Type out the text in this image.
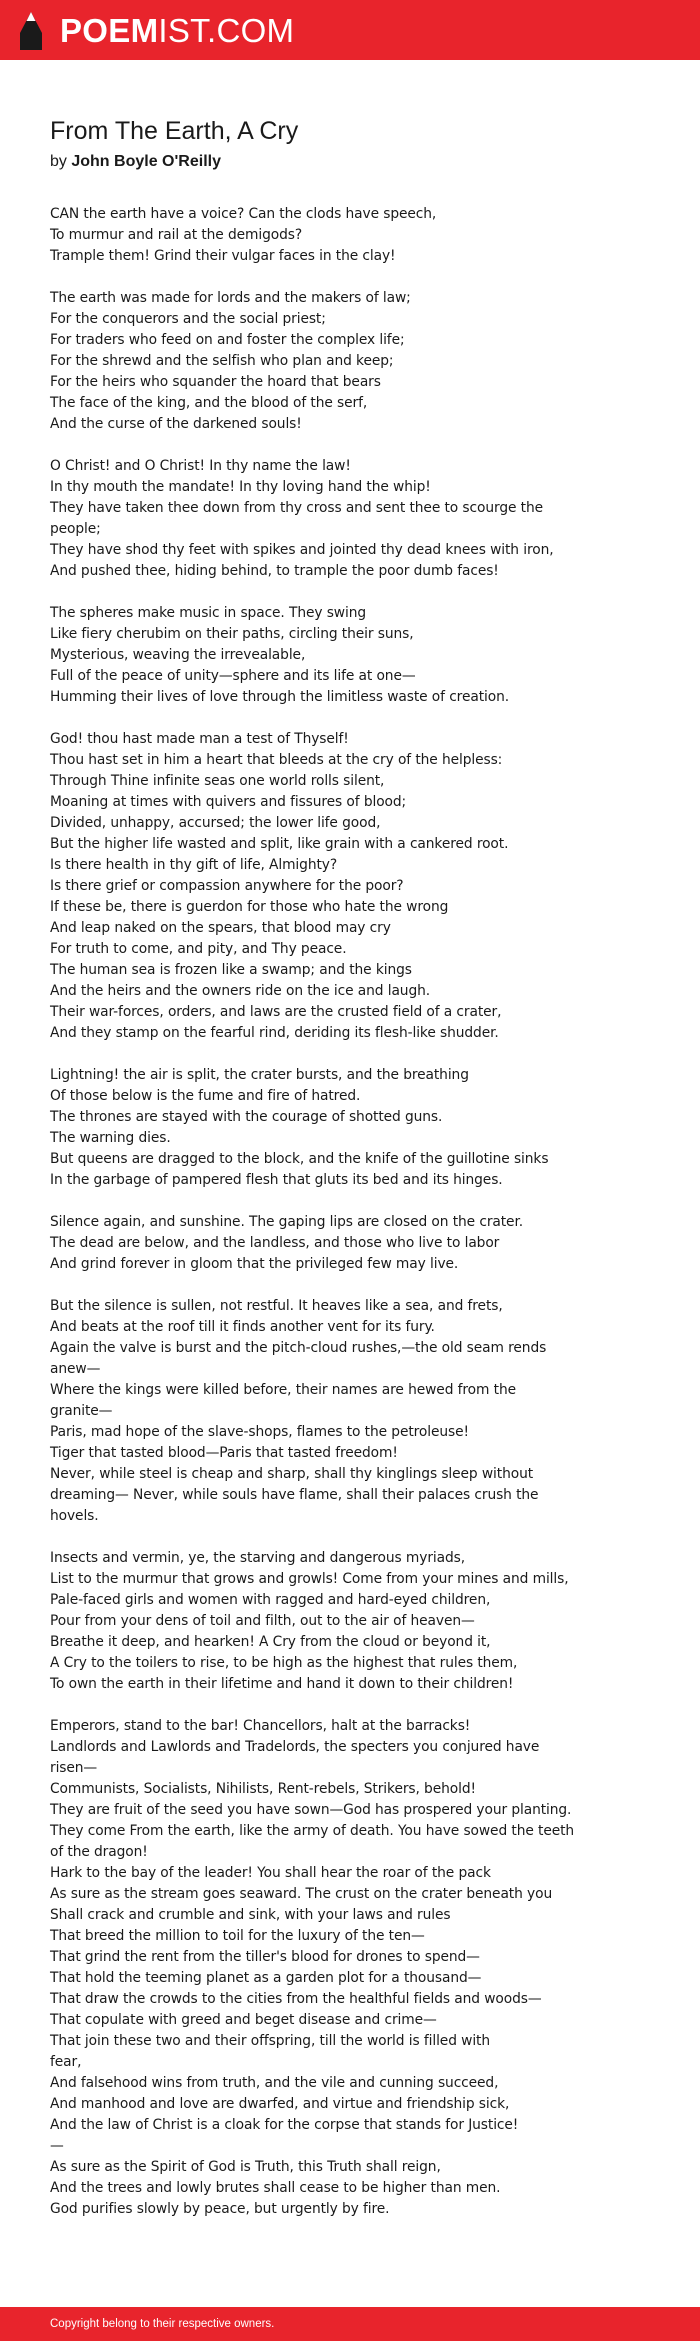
POEMIST.COM
From The Earth, A Cry
by John Boyle O'Reilly
CAN the earth have a voice? Can the clods have speech,
To murmur and rail at the demigods?
Trample them! Grind their vulgar faces in the clay!
The earth was made for lords and the makers of law;
For the conquerors and the social priest;
For traders who feed on and foster the complex life;
For the shrewd and the selfish who plan and keep;
For the heirs who squander the hoard that bears
The face of the king, and the blood of the serf,
And the curse of the darkened souls!
O Christ! and O Christ! In thy name the law!
In thy mouth the mandate! In thy loving hand the whip!
They have taken thee down from thy cross and sent thee to scourge the
people;
They have shod thy feet with spikes and jointed thy dead knees with iron,
And pushed thee, hiding behind, to trample the poor dumb faces!
The spheres make music in space. They swing
Like fiery cherubim on their paths, circling their suns,
Mysterious, weaving the irrevealable,
Full of the peace of unity—sphere and its life at one—
Humming their lives of love through the limitless waste of creation.
God! thou hast made man a test of Thyself!
Thou hast set in him a heart that bleeds at the cry of the helpless:
Through Thine infinite seas one world rolls silent,
Moaning at times with quivers and fissures of blood;
Divided, unhappy, accursed; the lower life good,
But the higher life wasted and split, like grain with a cankered root.
Is there health in thy gift of life, Almighty?
Is there grief or compassion anywhere for the poor?
If these be, there is guerdon for those who hate the wrong
And leap naked on the spears, that blood may cry
For truth to come, and pity, and Thy peace.
The human sea is frozen like a swamp; and the kings
And the heirs and the owners ride on the ice and laugh.
Their war-forces, orders, and laws are the crusted field of a crater,
And they stamp on the fearful rind, deriding its flesh-like shudder.
Lightning! the air is split, the crater bursts, and the breathing
Of those below is the fume and fire of hatred.
The thrones are stayed with the courage of shotted guns.
The warning dies.
But queens are dragged to the block, and the knife of the guillotine sinks
In the garbage of pampered flesh that gluts its bed and its hinges.
Silence again, and sunshine. The gaping lips are closed on the crater.
The dead are below, and the landless, and those who live to labor
And grind forever in gloom that the privileged few may live.
But the silence is sullen, not restful. It heaves like a sea, and frets,
And beats at the roof till it finds another vent for its fury.
Again the valve is burst and the pitch-cloud rushes,—the old seam rends
anew—
Where the kings were killed before, their names are hewed from the
granite—
Paris, mad hope of the slave-shops, flames to the petroleuse!
Tiger that tasted blood—Paris that tasted freedom!
Never, while steel is cheap and sharp, shall thy kinglings sleep without
dreaming— Never, while souls have flame, shall their palaces crush the
hovels.
Insects and vermin, ye, the starving and dangerous myriads,
List to the murmur that grows and growls! Come from your mines and mills,
Pale-faced girls and women with ragged and hard-eyed children,
Pour from your dens of toil and filth, out to the air of heaven—
Breathe it deep, and hearken! A Cry from the cloud or beyond it,
A Cry to the toilers to rise, to be high as the highest that rules them,
To own the earth in their lifetime and hand it down to their children!
Emperors, stand to the bar! Chancellors, halt at the barracks!
Landlords and Lawlords and Tradelords, the specters you conjured have
risen—
Communists, Socialists, Nihilists, Rent-rebels, Strikers, behold!
They are fruit of the seed you have sown—God has prospered your planting.
They come From the earth, like the army of death. You have sowed the teeth
of the dragon!
Hark to the bay of the leader! You shall hear the roar of the pack
As sure as the stream goes seaward. The crust on the crater beneath you
Shall crack and crumble and sink, with your laws and rules
That breed the million to toil for the luxury of the ten—
That grind the rent from the tiller's blood for drones to spend—
That hold the teeming planet as a garden plot for a thousand—
That draw the crowds to the cities from the healthful fields and woods—
That copulate with greed and beget disease and crime—
That join these two and their offspring, till the world is filled with
fear,
And falsehood wins from truth, and the vile and cunning succeed,
And manhood and love are dwarfed, and virtue and friendship sick,
And the law of Christ is a cloak for the corpse that stands for Justice!
—
As sure as the Spirit of God is Truth, this Truth shall reign,
And the trees and lowly brutes shall cease to be higher than men.
God purifies slowly by peace, but urgently by fire.
Copyright belong to their respective owners.
